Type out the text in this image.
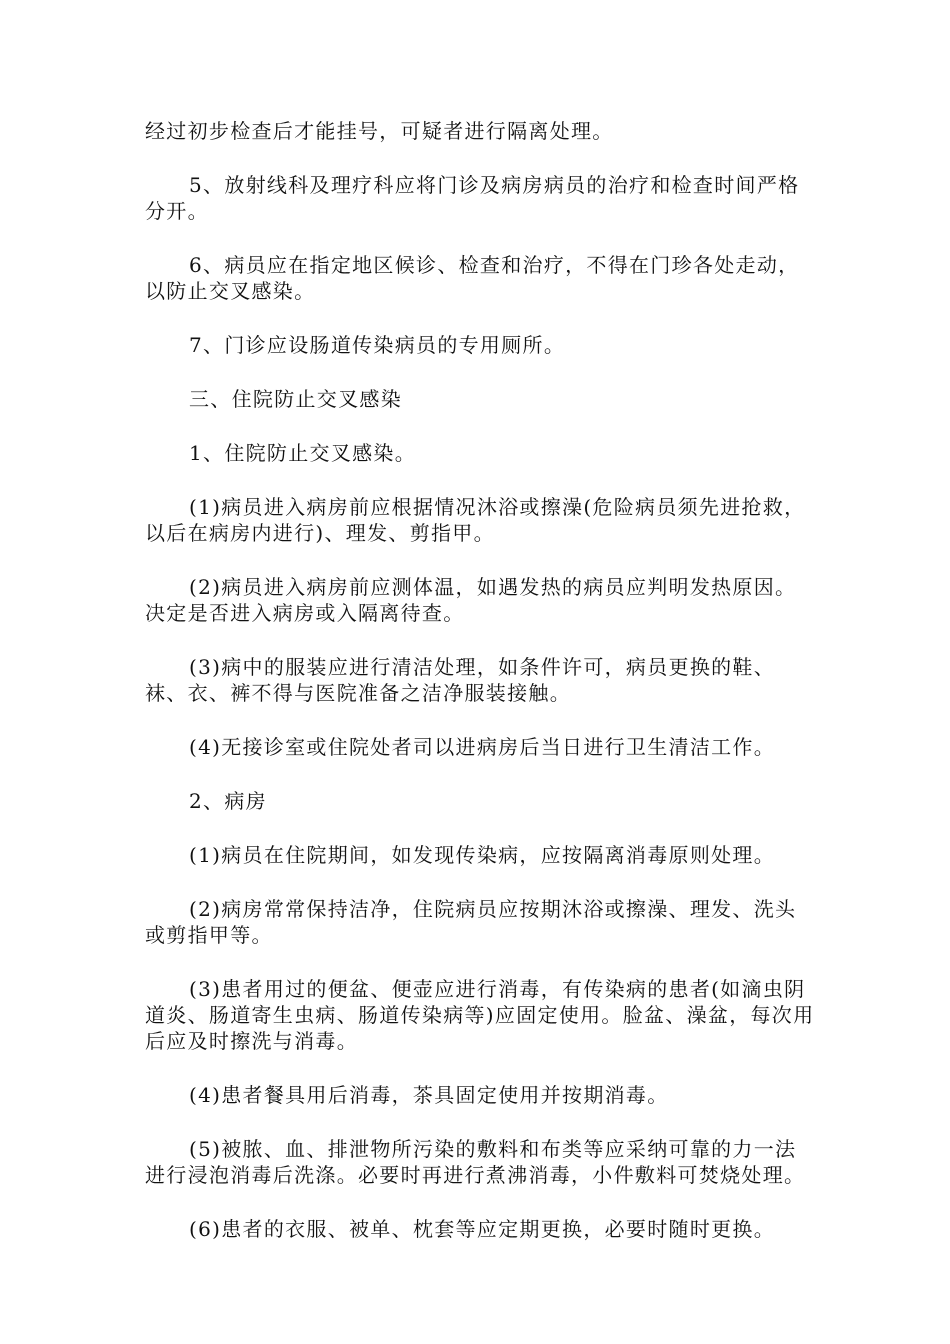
经过初步检查后才能挂号，可疑者进行隔离处理。

5、放射线科及理疗科应将门诊及病房病员的治疗和检查时间严格分开。

6、病员应在指定地区候诊、检查和治疗，不得在门珍各处走动，以防止交叉感染。

7、门诊应设肠道传染病员的专用厕所。

三、住院防止交叉感染

1、住院防止交叉感染。

(1)病员进入病房前应根据情况沐浴或擦澡(危险病员须先进抢救，以后在病房内进行)、理发、剪指甲。

(2)病员进入病房前应测体温，如遇发热的病员应判明发热原因。决定是否进入病房或入隔离待查。

(3)病中的服装应进行清洁处理，如条件许可，病员更换的鞋、袜、衣、裤不得与医院准备之洁净服装接触。

(4)无接诊室或住院处者司以进病房后当日进行卫生清洁工作。

2、病房

(1)病员在住院期间，如发现传染病，应按隔离消毒原则处理。

(2)病房常常保持洁净，住院病员应按期沐浴或擦澡、理发、洗头或剪指甲等。

(3)患者用过的便盆、便壶应进行消毒，有传染病的患者(如滴虫阴道炎、肠道寄生虫病、肠道传染病等)应固定使用。脸盆、澡盆，每次用后应及时擦洗与消毒。

(4)患者餐具用后消毒，茶具固定使用并按期消毒。

(5)被脓、血、排泄物所污染的敷料和布类等应采纳可靠的力一法进行浸泡消毒后洗涤。必要时再进行煮沸消毒，小件敷料可焚烧处理。

(6)患者的衣服、被单、枕套等应定期更换，必要时随时更换。
